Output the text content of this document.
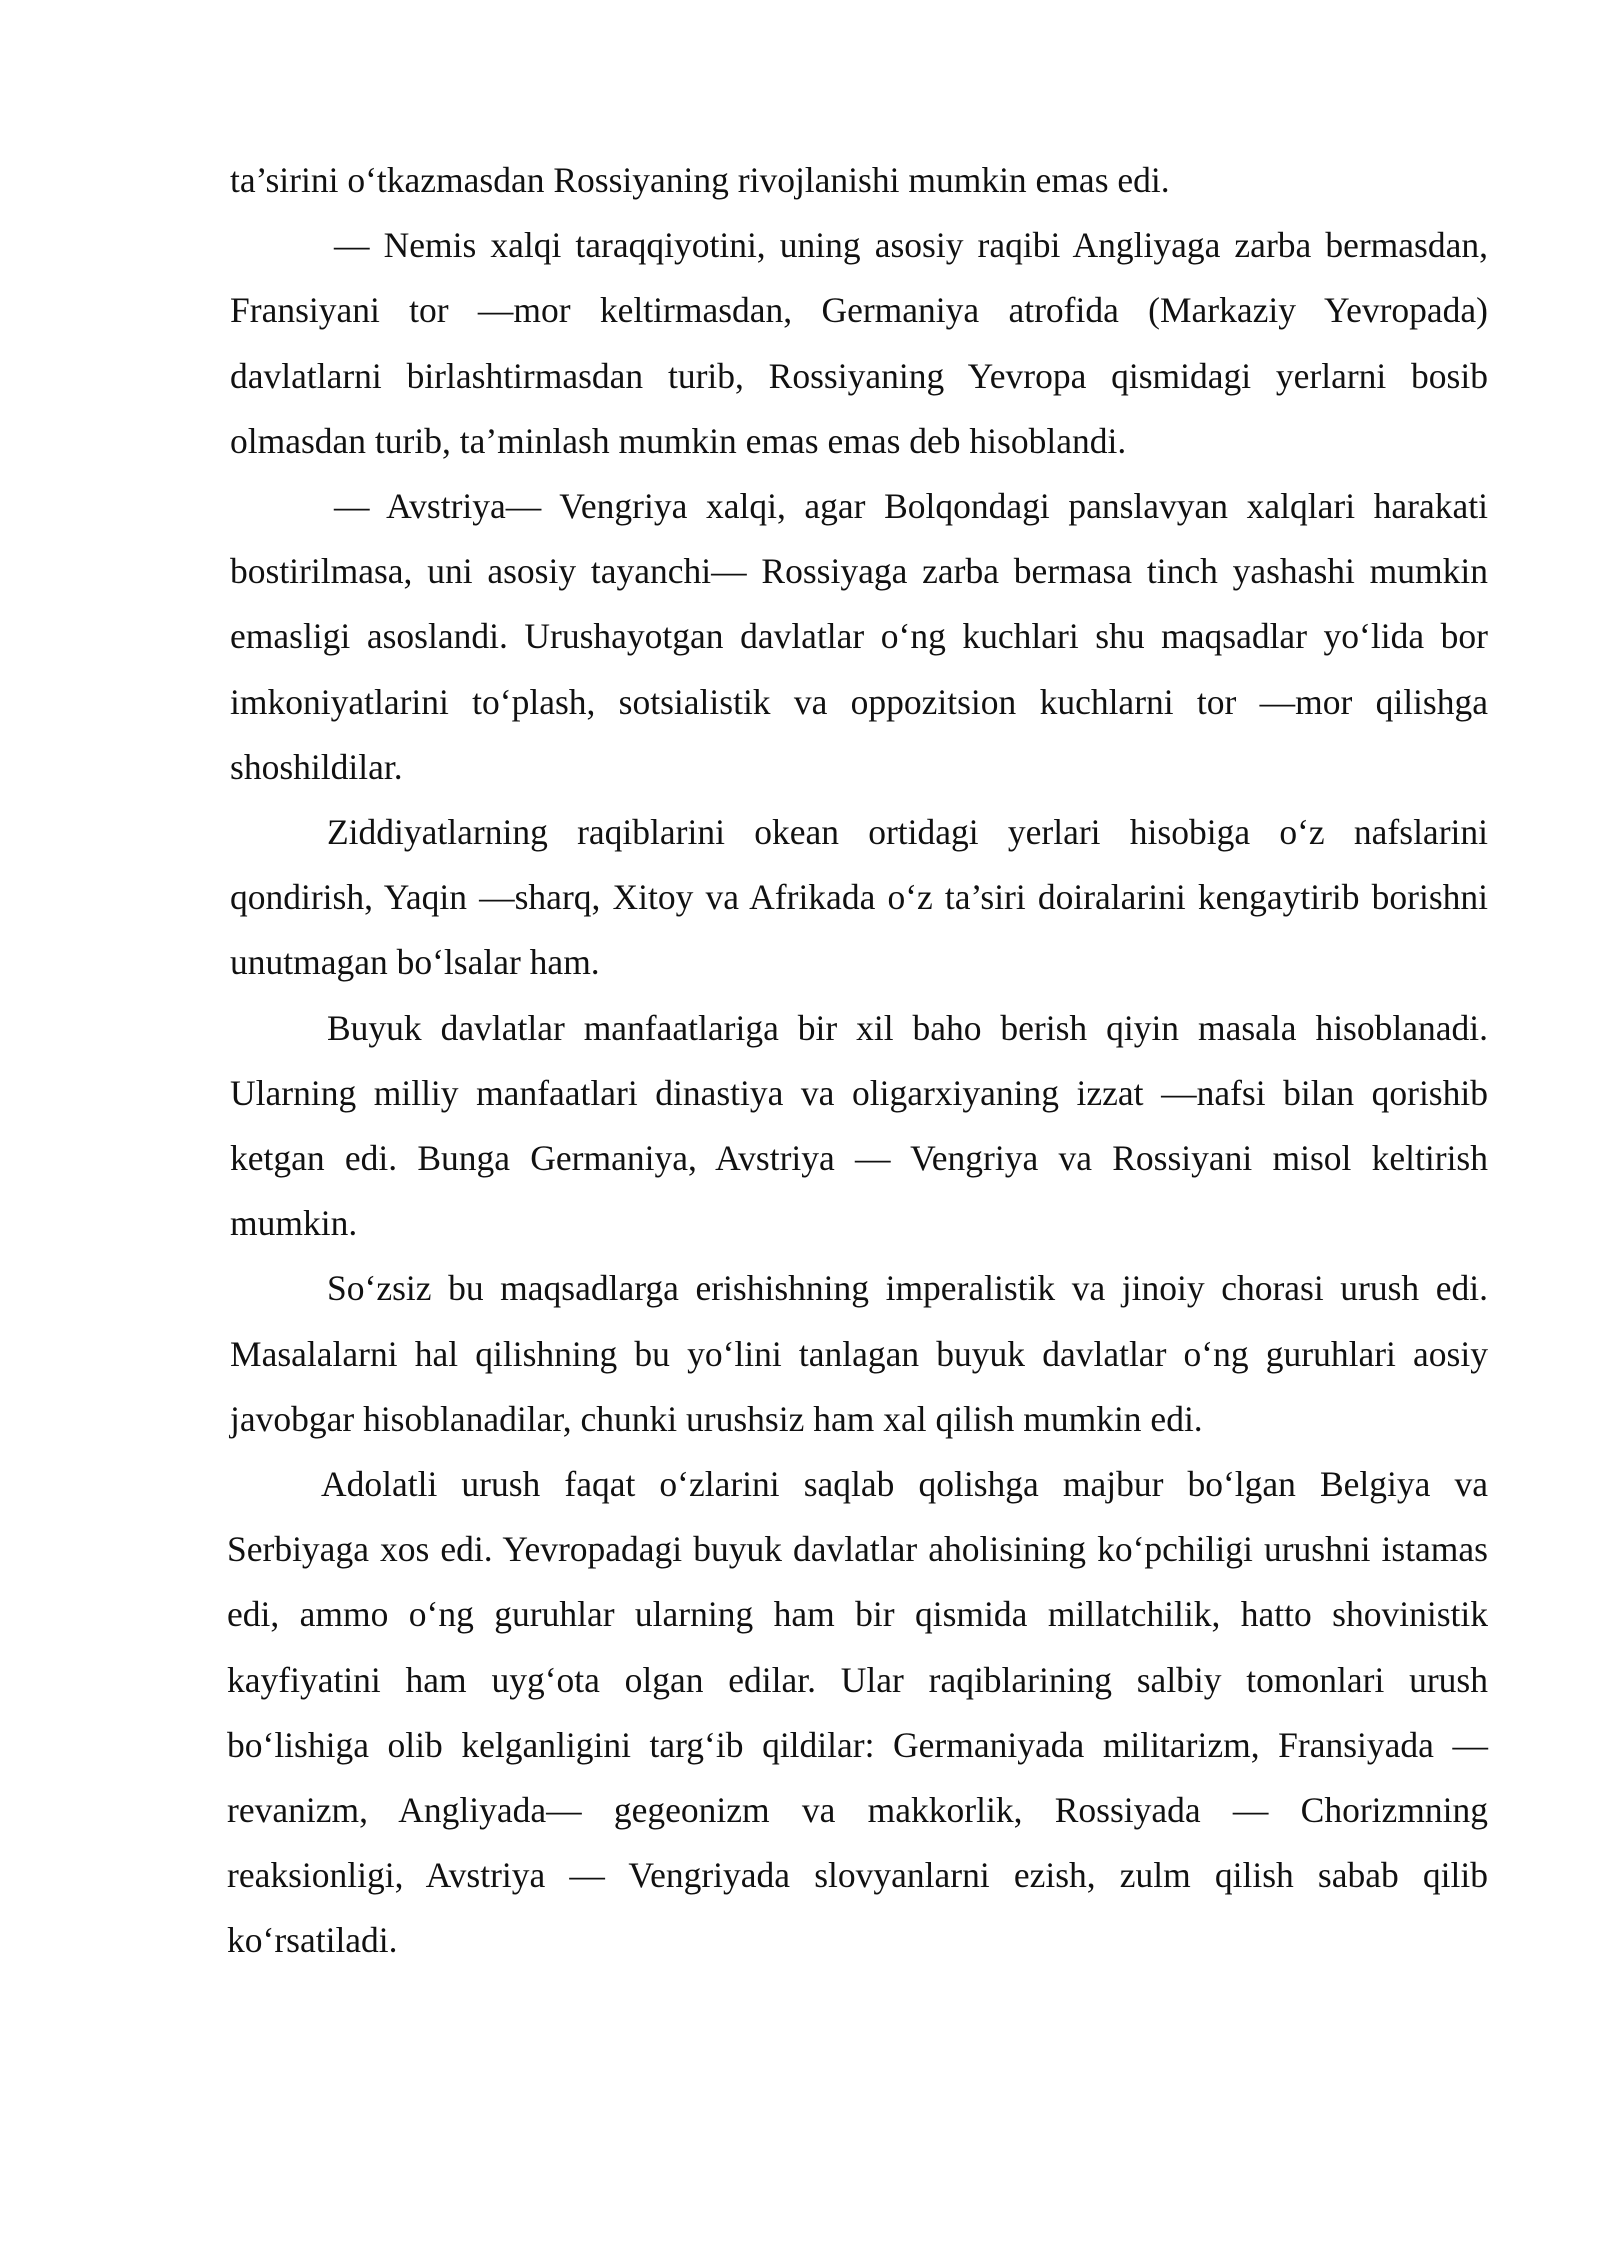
ta’sirini o‘tkazmasdan Rossiyaning rivojlanishi mumkin emas edi.

— Nemis xalqi taraqqiyotini, uning asosiy raqibi Angliyaga zarba bermasdan, Fransiyani tor —mor keltirmasdan, Germaniya atrofida (Markaziy Yevropada) davlatlarni birlashtirmasdan turib, Rossiyaning Yevropa qismidagi yerlarni bosib olmasdan turib, ta’minlash mumkin emas emas deb hisoblandi.

— Avstriya— Vengriya xalqi, agar Bolqondagi panslavyan xalqlari harakati bostirilmasa, uni asosiy tayanchi— Rossiyaga zarba bermasa tinch yashashi mumkin emasligi asoslandi. Urushayotgan davlatlar o‘ng kuchlari shu maqsadlar yo‘lida bor imkoniyatlarini to‘plash, sotsialistik va oppozitsion kuchlarni tor —mor qilishga shoshildilar.

Ziddiyatlarning raqiblarini okean ortidagi yerlari hisobiga o‘z nafslarini qondirish, Yaqin —sharq, Xitoy va Afrikada o‘z ta’siri doiralarini kengaytirib borishni unutmagan bo‘lsalar ham.

Buyuk davlatlar manfaatlariga bir xil baho berish qiyin masala hisoblanadi. Ularning milliy manfaatlari dinastiya va oligarxiyaning izzat —nafsi bilan qorishib ketgan edi. Bunga Germaniya, Avstriya — Vengriya va Rossiyani misol keltirish mumkin.

So‘zsiz bu maqsadlarga erishishning imperalistik va jinoiy chorasi urush edi. Masalalarni hal qilishning bu yo‘lini tanlagan buyuk davlatlar o‘ng guruhlari aosiy javobgar hisoblanadilar, chunki urushsiz ham xal qilish mumkin edi.

Adolatli urush faqat o‘zlarini saqlab qolishga majbur bo‘lgan Belgiya va Serbiyaga xos edi. Yevropadagi buyuk davlatlar aholisining ko‘pchiligi urushni istamas edi, ammo o‘ng guruhlar ularning ham bir qismida millatchilik, hatto shovinistik kayfiyatini ham uyg‘ota olgan edilar. Ular raqiblarining salbiy tomonlari urush bo‘lishiga olib kelganligini targ‘ib qildilar: Germaniyada militarizm, Fransiyada — revanizm, Angliyada— gegeonizm va makkorlik, Rossiyada — Chorizmning reaksionligi, Avstriya — Vengriyada slovyanlarni ezish, zulm qilish sabab qilib ko‘rsatiladi.
